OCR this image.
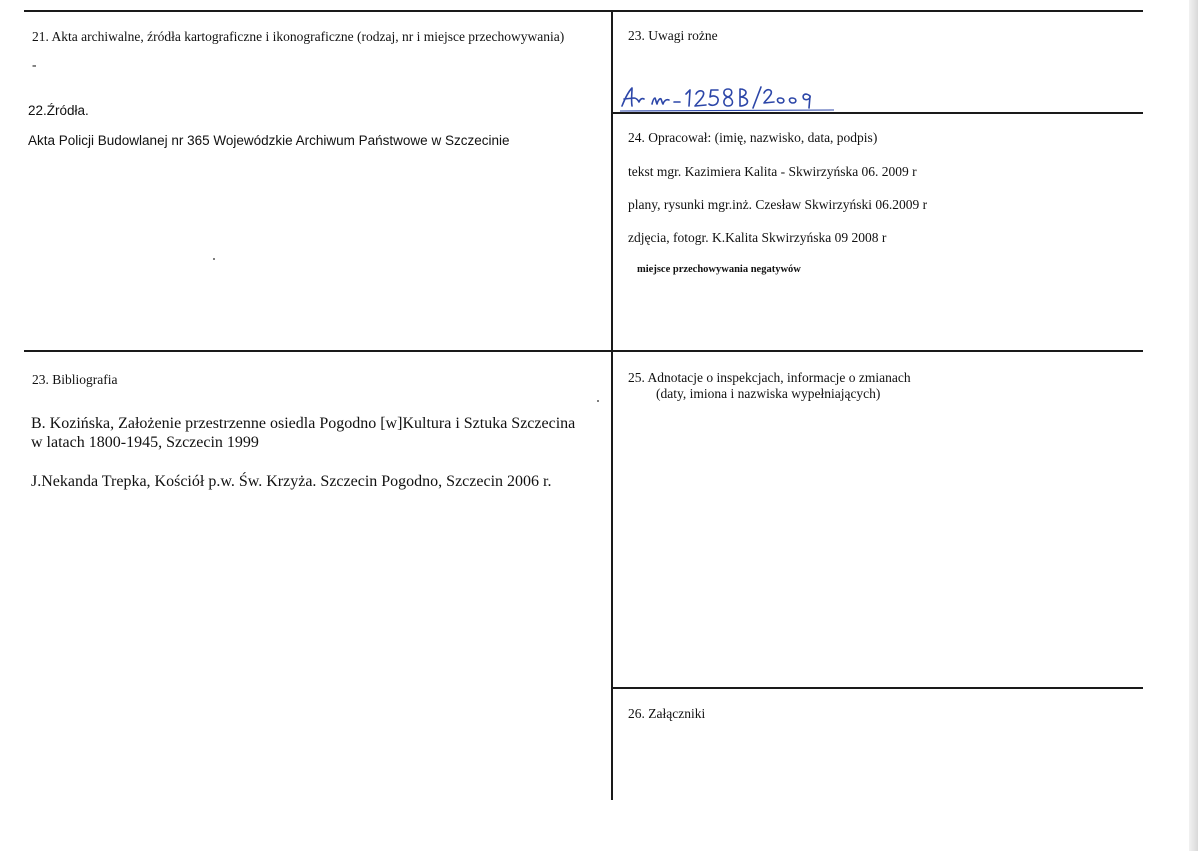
21. Akta archiwalne, źródła kartograficzne i ikonograficzne (rodzaj, nr i miejsce przechowywania)
-
22.Źródła.
Akta Policji Budowlanej nr 365 Wojewódzkie Archiwum Państwowe w Szczecinie
23. Uwagi rożne
24. Opracował: (imię, nazwisko, data, podpis)
tekst mgr. Kazimiera Kalita - Skwirzyńska 06. 2009 r
plany, rysunki mgr.inż. Czesław Skwirzyński 06.2009 r
zdjęcia, fotogr. K.Kalita Skwirzyńska 09 2008 r
miejsce przechowywania negatywów
23. Bibliografia
B. Kozińska, Założenie przestrzenne osiedla Pogodno [w]Kultura i Sztuka Szczecina
w latach 1800-1945, Szczecin 1999
J.Nekanda Trepka, Kościół p.w. Św. Krzyża. Szczecin Pogodno, Szczecin 2006 r.
25. Adnotacje o inspekcjach, informacje o zmianach
(daty, imiona i nazwiska wypełniających)
26. Załączniki
